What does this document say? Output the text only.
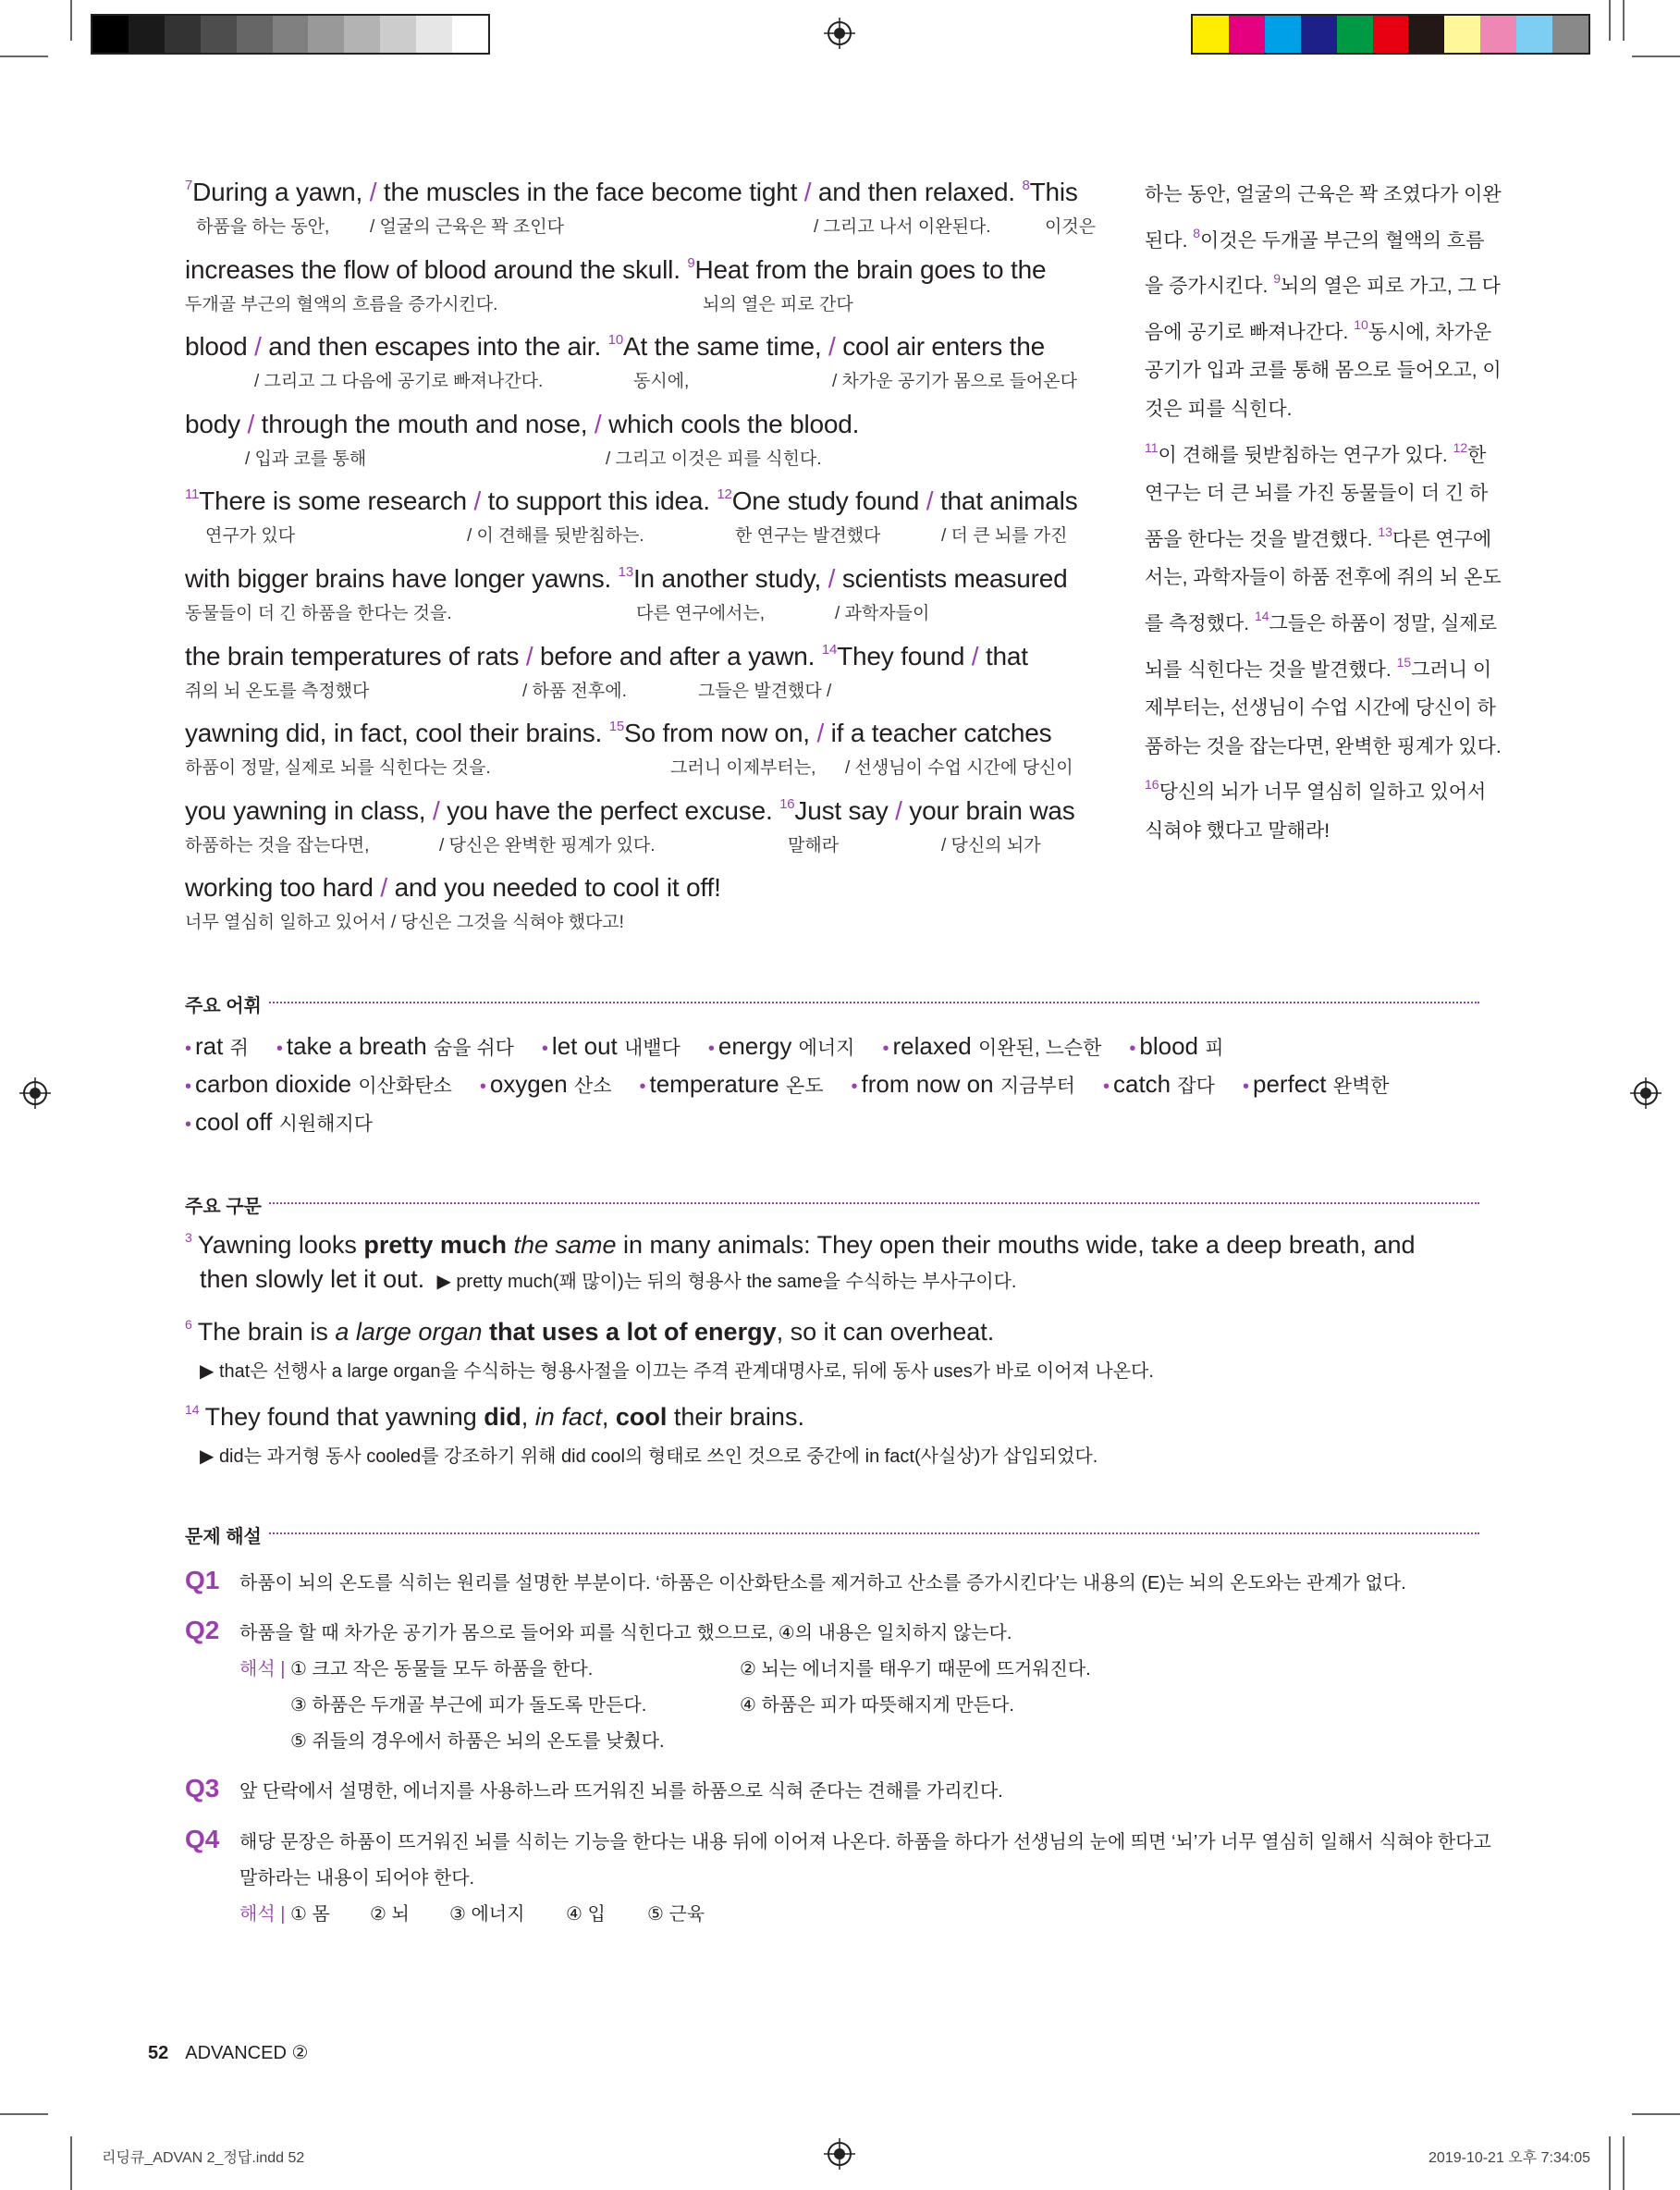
$^7$During a yawn, / the muscles in the face become tight / and then relaxed. $^8$This
하품을 하는 동안, / 얼굴의 근육은 꽉 조인다	/ 그리고 나서 이완된다.	이것은
increases the flow of blood around the skull. $^9$Heat from the brain goes to the
두개골 부근의 혈액의 흐름을 증가시킨다.	뇌의 열은 피로 간다
blood / and then escapes into the air. $^{10}$At the same time, / cool air enters the
/ 그리고 그 다음에 공기로 빠져나간다.	동시에,	/ 차가운 공기가 몸으로 들어온다
body / through the mouth and nose, / which cools the blood.
/ 입과 코를 통해	/ 그리고 이것은 피를 식힌다.
$^{11}$There is some research / to support this idea. $^{12}$One study found / that animals
연구가 있다	/ 이 견해를 뒷받침하는.	한 연구는 발견했다	/ 더 큰 뇌를 가진
with bigger brains have longer yawns. $^{13}$In another study, / scientists measured
동물들이 더 긴 하품을 한다는 것을.	다른 연구에서는,	/ 과학자들이
the brain temperatures of rats / before and after a yawn. $^{14}$They found / that
쥐의 뇌 온도를 측정했다	/ 하품 전후에.	그들은 발견했다 /
yawning did, in fact, cool their brains. $^{15}$So from now on, / if a teacher catches
하품이 정말, 실제로 뇌를 식힌다는 것을.	그러니 이제부터는, / 선생님이 수업 시간에 당신이
you yawning in class, / you have the perfect excuse. $^{16}$Just say / your brain was
하품하는 것을 잡는다면,	/ 당신은 완벽한 핑계가 있다.	말해라	/ 당신의 뇌가
working too hard / and you needed to cool it off!
너무 열심히 일하고 있어서 / 당신은 그것을 식혀야 했다고!
하는 동안, 얼굴의 근육은 꽉 조였다가 이완
된다. $^8$이것은 두개골 부근의 혈액의 흐름
을 증가시킨다. $^9$뇌의 열은 피로 가고, 그 다
음에 공기로 빠져나간다. $^{10}$동시에, 차가운
공기가 입과 코를 통해 몸으로 들어오고, 이
것은 피를 식힌다.
$^{11}$이 견해를 뒷받침하는 연구가 있다. $^{12}$한
연구는 더 큰 뇌를 가진 동물들이 더 긴 하
품을 한다는 것을 발견했다. $^{13}$다른 연구에
서는, 과학자들이 하품 전후에 쥐의 뇌 온도
를 측정했다. $^{14}$그들은 하품이 정말, 실제로
뇌를 식힌다는 것을 발견했다. $^{15}$그러니 이
제부터는, 선생님이 수업 시간에 당신이 하
품하는 것을 잡는다면, 완벽한 핑계가 있다.
$^{16}$당신의 뇌가 너무 열심히 일하고 있어서
식혀야 했다고 말해라!
주요 어휘
• rat 쥐 • take a breath 숨을 쉬다 • let out 내뱉다 • energy 에너지 • relaxed 이완된, 느슨한 • blood 피
• carbon dioxide 이산화탄소 • oxygen 산소 • temperature 온도 • from now on 지금부터 • catch 잡다 • perfect 완벽한
• cool off 시원해지다
주요 구문
$^3$ Yawning looks pretty much the same in many animals: They open their mouths wide, take a deep breath, and
then slowly let it out. ▶ pretty much(꽤 많이)는 뒤의 형용사 the same을 수식하는 부사구이다.
$^6$ The brain is a large organ that uses a lot of energy, so it can overheat.
▶ that은 선행사 a large organ을 수식하는 형용사절을 이끄는 주격 관계대명사로, 뒤에 동사 uses가 바로 이어져 나온다.
$^{14}$ They found that yawning did, in fact, cool their brains.
▶ did는 과거형 동사 cooled를 강조하기 위해 did cool의 형태로 쓰인 것으로 중간에 in fact(사실상)가 삽입되었다.
문제 해설
Q1 하품이 뇌의 온도를 식히는 원리를 설명한 부분이다. ‘하품은 이산화탄소를 제거하고 산소를 증가시킨다’는 내용의 (E)는 뇌의 온도와는 관계가 없다.
Q2 하품을 할 때 차가운 공기가 몸으로 들어와 피를 식힌다고 했으므로, ④의 내용은 일치하지 않는다.
해석 | ① 크고 작은 동물들 모두 하품을 한다.	② 뇌는 에너지를 태우기 때문에 뜨거워진다.
③ 하품은 두개골 부근에 피가 돌도록 만든다.	④ 하품은 피가 따뜻해지게 만든다.
⑤ 쥐들의 경우에서 하품은 뇌의 온도를 낮췄다.
Q3 앞 단락에서 설명한, 에너지를 사용하느라 뜨거워진 뇌를 하품으로 식혀 준다는 견해를 가리킨다.
Q4 해당 문장은 하품이 뜨거워진 뇌를 식히는 기능을 한다는 내용 뒤에 이어져 나온다. 하품을 하다가 선생님의 눈에 띄면 ‘뇌’가 너무 열심히 일해서 식혀야 한다고
말하라는 내용이 되어야 한다.
해석 | ① 몸 ② 뇌 ③ 에너지 ④ 입 ⑤ 근육
52 ADVANCED ②
리딩큐_ADVAN 2_정답.indd 52	2019-10-21 오후 7:34:05
